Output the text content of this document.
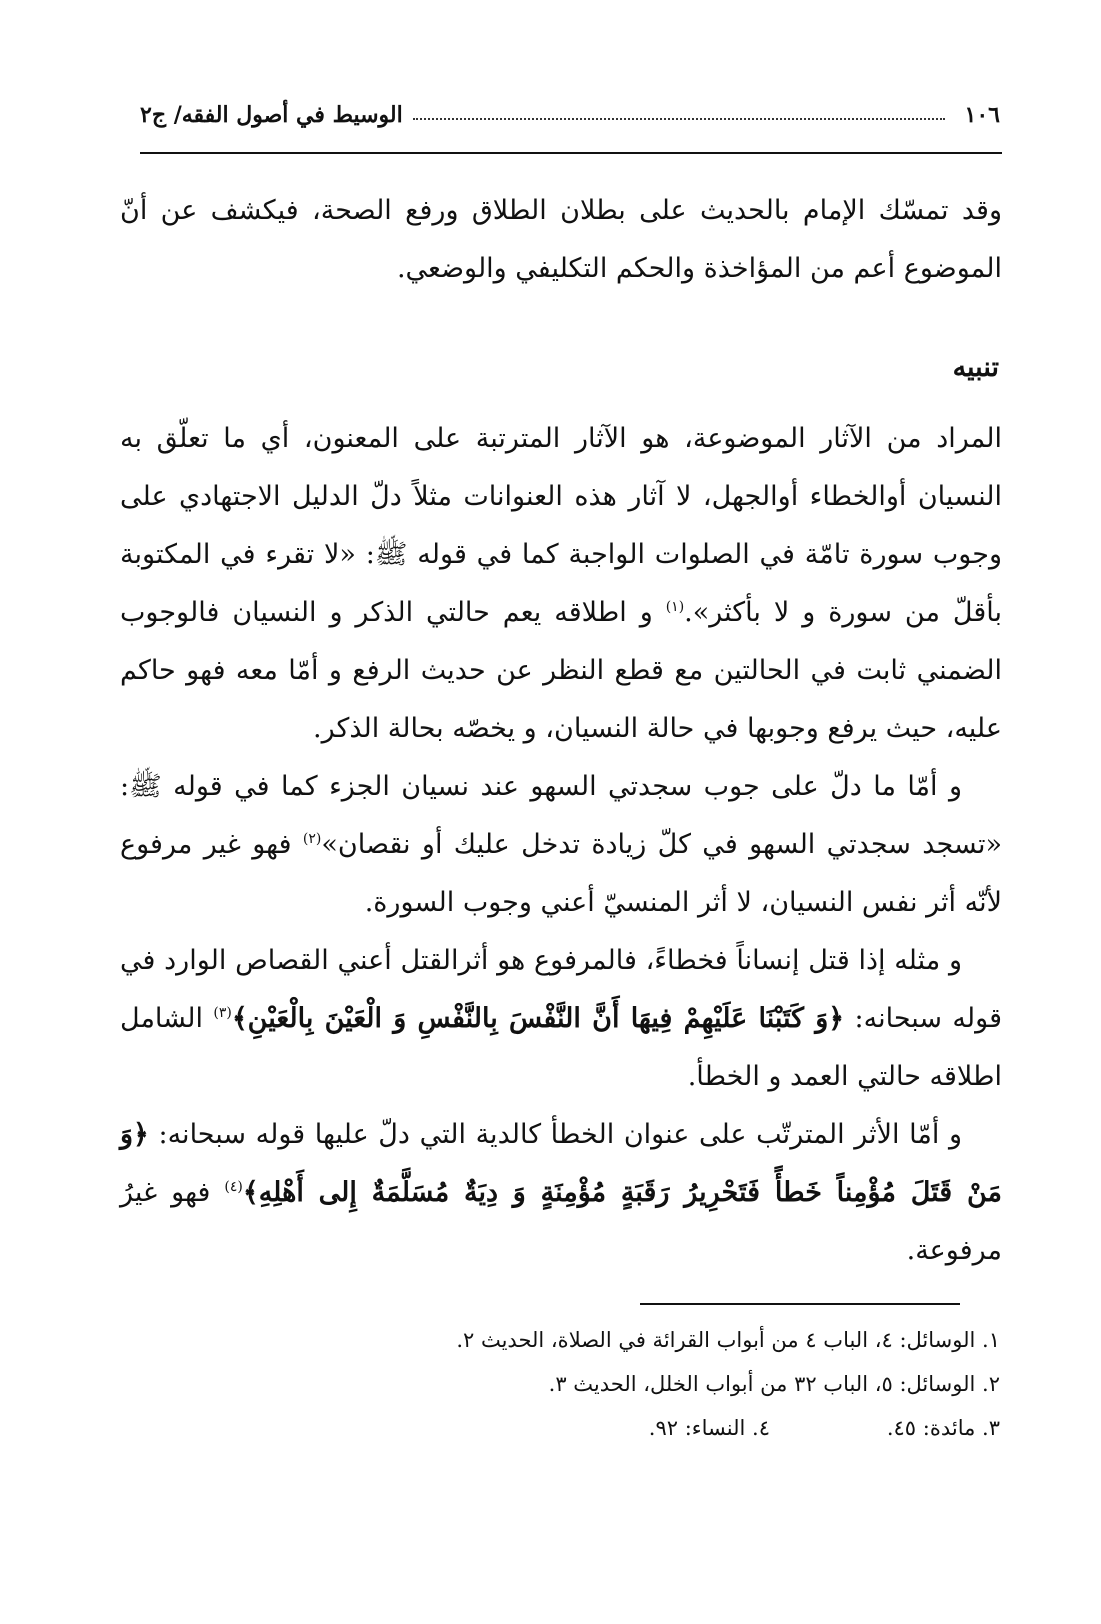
١٠٦
الوسيط في أصول الفقه/ ج٢

وقد تمسّك الإمام بالحديث على بطلان الطلاق ورفع الصحة، فيكشف عن أنّ الموضوع أعم من المؤاخذة والحكم التكليفي والوضعي.

تنبيه

المراد من الآثار الموضوعة، هو الآثار المترتبة على المعنون، أي ما تعلّق به النسيان أوالخطاء أوالجهل، لا آثار هذه العنوانات مثلاً دلّ الدليل الاجتهادي على وجوب سورة تامّة في الصلوات الواجبة كما في قوله ﷺ: «لا تقرء في المكتوبة بأقلّ من سورة و لا بأكثر».$^{(١)}$ و اطلاقه يعم حالتي الذكر و النسيان فالوجوب الضمني ثابت في الحالتين مع قطع النظر عن حديث الرفع و أمّا معه فهو حاكم عليه، حيث يرفع وجوبها في حالة النسيان، و يخصّه بحالة الذكر.

و أمّا ما دلّ على جوب سجدتي السهو عند نسيان الجزء كما في قوله ﷺ: «تسجد سجدتي السهو في كلّ زيادة تدخل عليك أو نقصان»$^{(٢)}$ فهو غير مرفوع لأنّه أثر نفس النسيان، لا أثر المنسيّ أعني وجوب السورة.

و مثله إذا قتل إنساناً فخطاءً، فالمرفوع هو أثرالقتل أعني القصاص الوارد في قوله سبحانه: ﴿وَ كَتَبْنَا عَلَيْهِمْ فِيهَا أَنَّ النَّفْسَ بِالنَّفْسِ وَ الْعَيْنَ بِالْعَيْنِ﴾$^{(٣)}$ الشامل اطلاقه حالتي العمد و الخطأ.

و أمّا الأثر المترتّب على عنوان الخطأ كالدية التي دلّ عليها قوله سبحانه: ﴿وَ مَنْ قَتَلَ مُؤْمِناً خَطأً فَتَحْرِيرُ رَقَبَةٍ مُؤْمِنَةٍ وَ دِيَةٌ مُسَلَّمَةٌ إِلى أَهْلِهِ﴾$^{(٤)}$ فهو غيرُ مرفوعة.

١. الوسائل: ٤، الباب ٤ من أبواب القرائة في الصلاة، الحديث ٢.
٢. الوسائل: ٥، الباب ٣٢ من أبواب الخلل، الحديث ٣.
٣. مائدة: ٤٥.
٤. النساء: ٩٢.
